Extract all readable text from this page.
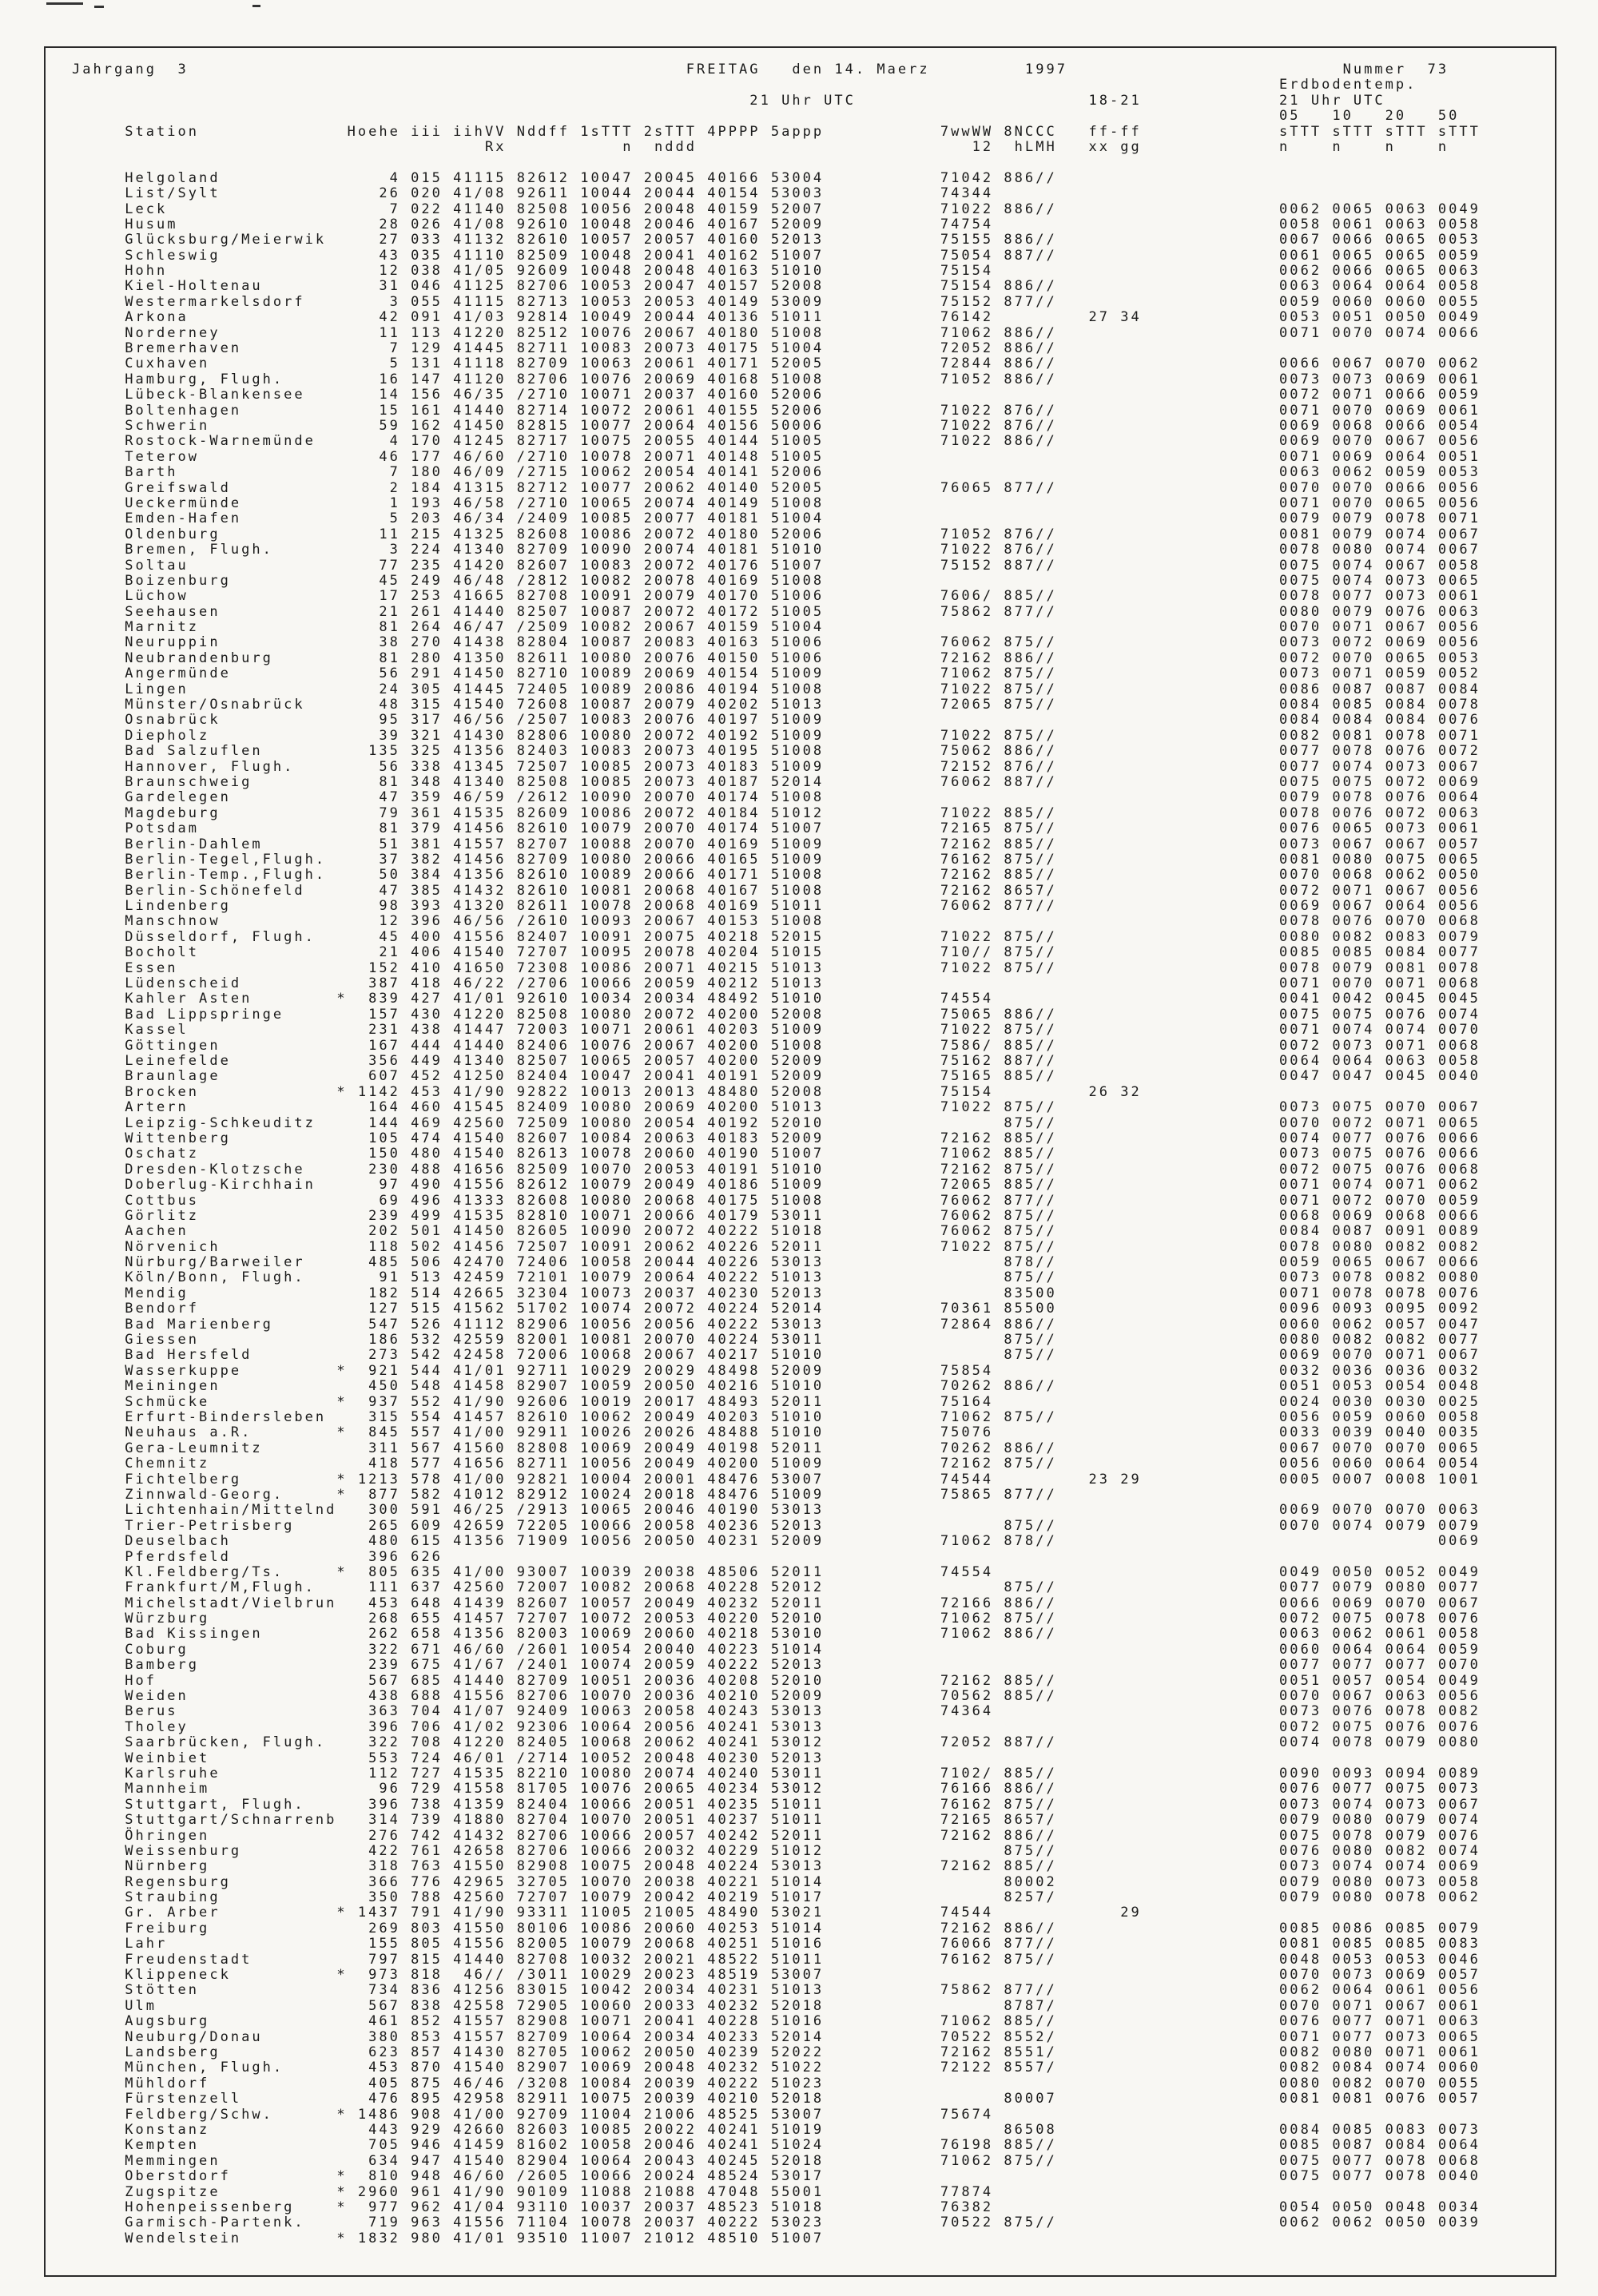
Jahrgang  3                                               FREITAG   den 14. Maerz         1997                          Nummer  73
Erdbodentemp.
21 Uhr UTC                      18-21             21 Uhr UTC
05   10   20   50
Station              Hoehe iii iihVV Nddff 1sTTT 2sTTT 4PPPP 5appp           7wwWW 8NCCC   ff-ff             sTTT sTTT sTTT sTTT
Rx           n  nddd                          12  hLMH   xx gg             n    n    n    n
Helgoland                4 015 41115 82612 10047 20045 40166 53004           71042 886//
List/Sylt               26 020 41/08 92611 10044 20044 40154 53003           74344
Leck                     7 022 41140 82508 10056 20048 40159 52007           71022 886//                     0062 0065 0063 0049
Husum                   28 026 41/08 92610 10048 20046 40167 52009           74754                           0058 0061 0063 0058
Glücksburg/Meierwik     27 033 41132 82610 10057 20057 40160 52013           75155 886//                     0067 0066 0065 0053
Schleswig               43 035 41110 82509 10048 20041 40162 51007           75054 887//                     0061 0065 0065 0059
Hohn                    12 038 41/05 92609 10048 20048 40163 51010           75154                           0062 0066 0065 0063
Kiel-Holtenau           31 046 41125 82706 10053 20047 40157 52008           75154 886//                     0063 0064 0064 0058
Westermarkelsdorf        3 055 41115 82713 10053 20053 40149 53009           75152 877//                     0059 0060 0060 0055
Arkona                  42 091 41/03 92814 10049 20044 40136 51011           76142         27 34             0053 0051 0050 0049
Norderney               11 113 41220 82512 10076 20067 40180 51008           71062 886//                     0071 0070 0074 0066
Bremerhaven              7 129 41445 82711 10083 20073 40175 51004           72052 886//
Cuxhaven                 5 131 41118 82709 10063 20061 40171 52005           72844 886//                     0066 0067 0070 0062
Hamburg, Flugh.         16 147 41120 82706 10076 20069 40168 51008           71052 886//                     0073 0073 0069 0061
Lübeck-Blankensee       14 156 46/35 /2710 10071 20037 40160 52006                                           0072 0071 0066 0059
Boltenhagen             15 161 41440 82714 10072 20061 40155 52006           71022 876//                     0071 0070 0069 0061
Schwerin                59 162 41450 82815 10077 20064 40156 50006           71022 876//                     0069 0068 0066 0054
Rostock-Warnemünde       4 170 41245 82717 10075 20055 40144 51005           71022 886//                     0069 0070 0067 0056
Teterow                 46 177 46/60 /2710 10078 20071 40148 51005                                           0071 0069 0064 0051
Barth                    7 180 46/09 /2715 10062 20054 40141 52006                                           0063 0062 0059 0053
Greifswald               2 184 41315 82712 10077 20062 40140 52005           76065 877//                     0070 0070 0066 0056
Ueckermünde              1 193 46/58 /2710 10065 20074 40149 51008                                           0071 0070 0065 0056
Emden-Hafen              5 203 46/34 /2409 10085 20077 40181 51004                                           0079 0079 0078 0071
Oldenburg               11 215 41325 82608 10086 20072 40180 52006           71052 876//                     0081 0079 0074 0067
Bremen, Flugh.           3 224 41340 82709 10090 20074 40181 51010           71022 876//                     0078 0080 0074 0067
Soltau                  77 235 41420 82607 10083 20072 40176 51007           75152 887//                     0075 0074 0067 0058
Boizenburg              45 249 46/48 /2812 10082 20078 40169 51008                                           0075 0074 0073 0065
Lüchow                  17 253 41665 82708 10091 20079 40170 51006           7606/ 885//                     0078 0077 0073 0061
Seehausen               21 261 41440 82507 10087 20072 40172 51005           75862 877//                     0080 0079 0076 0063
Marnitz                 81 264 46/47 /2509 10082 20067 40159 51004                                           0070 0071 0067 0056
Neuruppin               38 270 41438 82804 10087 20083 40163 51006           76062 875//                     0073 0072 0069 0056
Neubrandenburg          81 280 41350 82611 10080 20076 40150 51006           72162 886//                     0072 0070 0065 0053
Angermünde              56 291 41450 82710 10089 20069 40154 51009           71062 875//                     0073 0071 0059 0052
Lingen                  24 305 41445 72405 10089 20086 40194 51008           71022 875//                     0086 0087 0087 0084
Münster/Osnabrück       48 315 41540 72608 10087 20079 40202 51013           72065 875//                     0084 0085 0084 0078
Osnabrück               95 317 46/56 /2507 10083 20076 40197 51009                                           0084 0084 0084 0076
Diepholz                39 321 41430 82806 10080 20072 40192 51009           71022 875//                     0082 0081 0078 0071
Bad Salzuflen          135 325 41356 82403 10083 20073 40195 51008           75062 886//                     0077 0078 0076 0072
Hannover, Flugh.        56 338 41345 72507 10085 20073 40183 51009           72152 876//                     0077 0074 0073 0067
Braunschweig            81 348 41340 82508 10085 20073 40187 52014           76062 887//                     0075 0075 0072 0069
Gardelegen              47 359 46/59 /2612 10090 20070 40174 51008                                           0079 0078 0076 0064
Magdeburg               79 361 41535 82609 10086 20072 40184 51012           71022 885//                     0078 0076 0072 0063
Potsdam                 81 379 41456 82610 10079 20070 40174 51007           72165 875//                     0076 0065 0073 0061
Berlin-Dahlem           51 381 41557 82707 10088 20070 40169 51009           72162 885//                     0073 0067 0067 0057
Berlin-Tegel,Flugh.     37 382 41456 82709 10080 20066 40165 51009           76162 875//                     0081 0080 0075 0065
Berlin-Temp.,Flugh.     50 384 41356 82610 10089 20066 40171 51008           72162 885//                     0070 0068 0062 0050
Berlin-Schönefeld       47 385 41432 82610 10081 20068 40167 51008           72162 8657/                     0072 0071 0067 0056
Lindenberg              98 393 41320 82611 10078 20068 40169 51011           76062 877//                     0069 0067 0064 0056
Manschnow               12 396 46/56 /2610 10093 20067 40153 51008                                           0078 0076 0070 0068
Düsseldorf, Flugh.      45 400 41556 82407 10091 20075 40218 52015           71022 875//                     0080 0082 0083 0079
Bocholt                 21 406 41540 72707 10095 20078 40204 51015           710// 875//                     0085 0085 0084 0077
Essen                  152 410 41650 72308 10086 20071 40215 51013           71022 875//                     0078 0079 0081 0078
Lüdenscheid            387 418 46/22 /2706 10066 20059 40212 51013                                           0071 0070 0071 0068
Kahler Asten        *  839 427 41/01 92610 10034 20034 48492 51010           74554                           0041 0042 0045 0045
Bad Lippspringe        157 430 41220 82508 10080 20072 40200 52008           75065 886//                     0075 0075 0076 0074
Kassel                 231 438 41447 72003 10071 20061 40203 51009           71022 875//                     0071 0074 0074 0070
Göttingen              167 444 41440 82406 10076 20067 40200 51008           7586/ 885//                     0072 0073 0071 0068
Leinefelde             356 449 41340 82507 10065 20057 40200 52009           75162 887//                     0064 0064 0063 0058
Braunlage              607 452 41250 82404 10047 20041 40191 52009           75165 885//                     0047 0047 0045 0040
Brocken             * 1142 453 41/90 92822 10013 20013 48480 52008           75154         26 32
Artern                 164 460 41545 82409 10080 20069 40200 51013           71022 875//                     0073 0075 0070 0067
Leipzig-Schkeuditz     144 469 42560 72509 10080 20054 40192 52010                 875//                     0070 0072 0071 0065
Wittenberg             105 474 41540 82607 10084 20063 40183 52009           72162 885//                     0074 0077 0076 0066
Oschatz                150 480 41540 82613 10078 20060 40190 51007           71062 885//                     0073 0075 0076 0066
Dresden-Klotzsche      230 488 41656 82509 10070 20053 40191 51010           72162 875//                     0072 0075 0076 0068
Doberlug-Kirchhain      97 490 41556 82612 10079 20049 40186 51009           72065 885//                     0071 0074 0071 0062
Cottbus                 69 496 41333 82608 10080 20068 40175 51008           76062 877//                     0071 0072 0070 0059
Görlitz                239 499 41535 82810 10071 20066 40179 53011           76062 875//                     0068 0069 0068 0066
Aachen                 202 501 41450 82605 10090 20072 40222 51018           76062 875//                     0084 0087 0091 0089
Nörvenich              118 502 41456 72507 10091 20062 40226 52011           71022 875//                     0078 0080 0082 0082
Nürburg/Barweiler      485 506 42470 72406 10058 20044 40226 53013                 878//                     0059 0065 0067 0066
Köln/Bonn, Flugh.       91 513 42459 72101 10079 20064 40222 51013                 875//                     0073 0078 0082 0080
Mendig                 182 514 42665 32304 10073 20037 40230 52013                 83500                     0071 0078 0078 0076
Bendorf                127 515 41562 51702 10074 20072 40224 52014           70361 85500                     0096 0093 0095 0092
Bad Marienberg         547 526 41112 82906 10056 20056 40222 53013           72864 886//                     0060 0062 0057 0047
Giessen                186 532 42559 82001 10081 20070 40224 53011                 875//                     0080 0082 0082 0077
Bad Hersfeld           273 542 42458 72006 10068 20067 40217 51010                 875//                     0069 0070 0071 0067
Wasserkuppe         *  921 544 41/01 92711 10029 20029 48498 52009           75854                           0032 0036 0036 0032
Meiningen              450 548 41458 82907 10059 20050 40216 51010           70262 886//                     0051 0053 0054 0048
Schmücke            *  937 552 41/90 92606 10019 20017 48493 52011           75164                           0024 0030 0030 0025
Erfurt-Bindersleben    315 554 41457 82610 10062 20049 40203 51010           71062 875//                     0056 0059 0060 0058
Neuhaus a.R.        *  845 557 41/00 92911 10026 20026 48488 51010           75076                           0033 0039 0040 0035
Gera-Leumnitz          311 567 41560 82808 10069 20049 40198 52011           70262 886//                     0067 0070 0070 0065
Chemnitz               418 577 41656 82711 10056 20049 40200 51009           72162 875//                     0056 0060 0064 0054
Fichtelberg         * 1213 578 41/00 92821 10004 20001 48476 53007           74544         23 29             0005 0007 0008 1001
Zinnwald-Georg.     *  877 582 41012 82912 10024 20018 48476 51009           75865 877//
Lichtenhain/Mittelnd   300 591 46/25 /2913 10065 20046 40190 53013                                           0069 0070 0070 0063
Trier-Petrisberg       265 609 42659 72205 10066 20058 40236 52013                 875//                     0070 0074 0079 0079
Deuselbach             480 615 41356 71909 10056 20050 40231 52009           71062 878//                                    0069
Pferdsfeld             396 626
Kl.Feldberg/Ts.     *  805 635 41/00 93007 10039 20038 48506 52011           74554                           0049 0050 0052 0049
Frankfurt/M,Flugh.     111 637 42560 72007 10082 20068 40228 52012                 875//                     0077 0079 0080 0077
Michelstadt/Vielbrun   453 648 41439 82607 10057 20049 40232 52011           72166 886//                     0066 0069 0070 0067
Würzburg               268 655 41457 72707 10072 20053 40220 52010           71062 875//                     0072 0075 0078 0076
Bad Kissingen          262 658 41356 82003 10069 20060 40218 53010           71062 886//                     0063 0062 0061 0058
Coburg                 322 671 46/60 /2601 10054 20040 40223 51014                                           0060 0064 0064 0059
Bamberg                239 675 41/67 /2401 10074 20059 40222 52013                                           0077 0077 0077 0070
Hof                    567 685 41440 82709 10051 20036 40208 52010           72162 885//                     0051 0057 0054 0049
Weiden                 438 688 41556 82706 10070 20036 40210 52009           70562 885//                     0070 0067 0063 0056
Berus                  363 704 41/07 92409 10063 20058 40243 53013           74364                           0073 0076 0078 0082
Tholey                 396 706 41/02 92306 10064 20056 40241 53013                                           0072 0075 0076 0076
Saarbrücken, Flugh.    322 708 41220 82405 10068 20062 40241 53012           72052 887//                     0074 0078 0079 0080
Weinbiet               553 724 46/01 /2714 10052 20048 40230 52013
Karlsruhe              112 727 41535 82210 10080 20074 40240 53011           7102/ 885//                     0090 0093 0094 0089
Mannheim                96 729 41558 81705 10076 20065 40234 53012           76166 886//                     0076 0077 0075 0073
Stuttgart, Flugh.      396 738 41359 82404 10066 20051 40235 51011           76162 875//                     0073 0074 0073 0067
Stuttgart/Schnarrenb   314 739 41880 82704 10070 20051 40237 51011           72165 8657/                     0079 0080 0079 0074
Öhringen               276 742 41432 82706 10066 20057 40242 52011           72162 886//                     0075 0078 0079 0076
Weissenburg            422 761 42658 82706 10066 20032 40229 51012                 875//                     0076 0080 0082 0074
Nürnberg               318 763 41550 82908 10075 20048 40224 53013           72162 885//                     0073 0074 0074 0069
Regensburg             366 776 42965 32705 10070 20038 40221 51014                 80002                     0079 0080 0073 0058
Straubing              350 788 42560 72707 10079 20042 40219 51017                 8257/                     0079 0080 0078 0062
Gr. Arber           * 1437 791 41/90 93311 11005 21005 48490 53021           74544            29
Freiburg               269 803 41550 80106 10086 20060 40253 51014           72162 886//                     0085 0086 0085 0079
Lahr                   155 805 41556 82005 10079 20068 40251 51016           76066 877//                     0081 0085 0085 0083
Freudenstadt           797 815 41440 82708 10032 20021 48522 51011           76162 875//                     0048 0053 0053 0046
Klippeneck          *  973 818  46// /3011 10029 20023 48519 53007                                           0070 0073 0069 0057
Stötten                734 836 41256 83015 10042 20034 40231 51013           75862 877//                     0062 0064 0061 0056
Ulm                    567 838 42558 72905 10060 20033 40232 52018                 8787/                     0070 0071 0067 0061
Augsburg               461 852 41557 82908 10071 20041 40228 51016           71062 885//                     0076 0077 0071 0063
Neuburg/Donau          380 853 41557 82709 10064 20034 40233 52014           70522 8552/                     0071 0077 0073 0065
Landsberg              623 857 41430 82705 10062 20050 40239 52022           72162 8551/                     0082 0080 0071 0061
München, Flugh.        453 870 41540 82907 10069 20048 40232 51022           72122 8557/                     0082 0084 0074 0060
Mühldorf               405 875 46/46 /3208 10084 20039 40222 51023                                           0080 0082 0070 0055
Fürstenzell            476 895 42958 82911 10075 20039 40210 52018                 80007                     0081 0081 0076 0057
Feldberg/Schw.      * 1486 908 41/00 92709 11004 21006 48525 53007           75674
Konstanz               443 929 42660 82603 10085 20022 40241 51019                 86508                     0084 0085 0083 0073
Kempten                705 946 41459 81602 10058 20046 40241 51024           76198 885//                     0085 0087 0084 0064
Memmingen              634 947 41540 82904 10064 20043 40245 52018           71062 875//                     0075 0077 0078 0068
Oberstdorf          *  810 948 46/60 /2605 10066 20024 48524 53017                                           0075 0077 0078 0040
Zugspitze           * 2960 961 41/90 90109 11088 21088 47048 55001           77874
Hohenpeissenberg    *  977 962 41/04 93110 10037 20037 48523 51018           76382                           0054 0050 0048 0034
Garmisch-Partenk.      719 963 41556 71104 10078 20037 40222 53023           70522 875//                     0062 0062 0050 0039
Wendelstein         * 1832 980 41/01 93510 11007 21012 48510 51007
